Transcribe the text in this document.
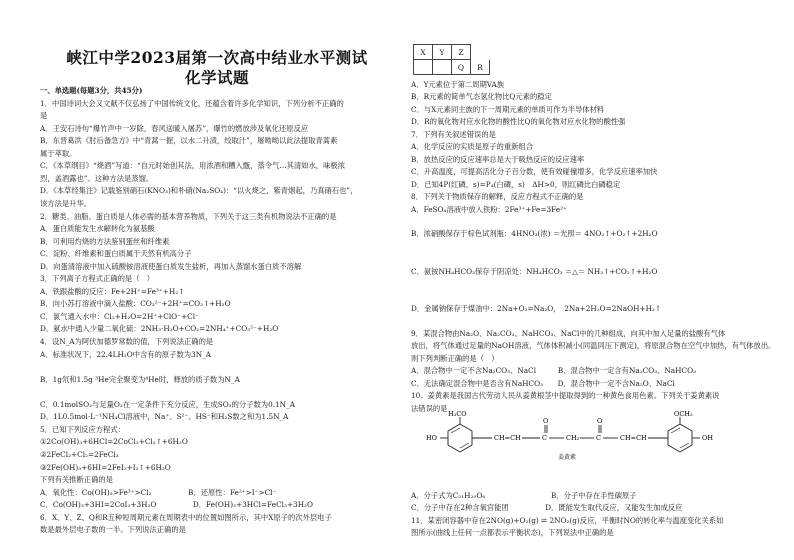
峡江中学2023届第一次高中结业水平测试
化学试题
一、单选题(每题3分，共45分)
1．中国诗词大会又文献不仅弘扬了中国传统文化，还蕴含着许多化学知识，下列分析不正确的
是
A．王安石诗句“爆竹声中一岁除，春风送暖入屠苏”，爆竹的燃放涉及氧化还原反应
B．东晋葛洪《肘后备急方》中“青蒿一握，以水二升渍，绞取汁”，屠呦呦以此法提取青蒿素
属于萃取。
C．《本草纲目》“烧酒”写道：“自元时始创其法，用浓酒和糟入甑，蒸令气…其清如水，味极浓
烈，盖酒露也”。这种方法是蒸馏。
D．《本草经集注》记载鉴别硝石(KNO₃)和朴硝(Na₂SO₄)：“以火烧之，紫青烟起，乃真硝石也”，
该方法是升华。
2．糖类、油脂、蛋白质是人体必需的基本营养物质，下列关于这三类有机物说法不正确的是
A．蛋白质能发生水解转化为氨基酸
B．可利用灼烧的方法鉴别蛋丝和纤维素
C．淀粉、纤维素和蛋白质属于天然有机高分子
D．向蛋清溶液中加入硫酸铵溶液使蛋白质发生盐析，再加入蒸馏水蛋白质不溶解
3．下列离子方程式正确的是（　）
A．铁跟盐酸的反应：Fe+2H⁺=Fe³⁺+H₂↑
B．向小苏打溶液中滴入盐酸：CO₃²⁻+2H⁺=CO₂↑+H₂O
C．氯气通入水中：Cl₂+H₂O=2H⁺+ClO⁻+Cl⁻
D．氨水中通入少量二氧化硫：2NH₃·H₂O+CO₂=2NH₄⁺+CO₃²⁻+H₂O
4．设N_A为阿伏加德罗常数的值，下列说法正确的是
A．标准状况下，22.4LH₂O中含有的原子数为3N_A
B．1g氘和1.5g ³He完全聚变为⁴He时，释放的质子数为N_A
C．0.1molSO₂与足量O₂在一定条件下充分反应，生成SO₃的分子数为0.1N_A
D．1L0.5mol·L⁻¹NH₄Cl溶液中，Na⁺、S²⁻、HS⁻和H₂S数之和为1.5N_A
5．已知下列反应方程式：
①2Co(OH)₃+6HCl=2CoCl₂+Cl₂↑+6H₂O
②2FeCl₂+Cl₂=2FeCl₃
③2Fe(OH)₃+6HI=2FeI₂+I₂↑+6H₂O
下列有关推断正确的是
A．氧化性：Co(OH)₃>Fe³⁺>Cl₂　　　　　B．还原性：Fe²⁺>I⁻>Cl⁻
C．Co(OH)₃+3HI=2CoI₂+3H₂O　　　　　D．Fe(OH)₃+3HCl=FeCl₃+3H₂O
6．X、Y、Z、Q和R五种短周期元素在周期表中的位置如图所示，其中X原子的次外层电子
数是最外层电子数的一半。下列说法正确的是
X	Y	Z	
		Q	R
A．Y元素位于第二周期VA族
B．R元素的简单气态氢化物比Q元素的稳定
C．与X元素同主族的下一周期元素的单质可作为半导体材料
D．R的氧化物对应水化物的酸性比Q的氧化物对应水化物的酸性强
7．下列有关叙述错误的是
A．化学反应的实质是原子的重新组合
B．放热反应的反应速率总是大于吸热反应的反应速率
C．升高温度，可提高活化分子百分数，使有效碰撞增多，化学反应速率加快
D．已知4P(红磷，s)=P₄(白磷，s)　ΔH>0，则红磷比白磷稳定
8．下列关于物质保存的解释，反应方程式不正确的是
A．FeSO₄溶液中放入铁粉：2Fe³⁺+Fe=3Fe²⁺
B．浓硝酸保存于棕色试剂瓶：4HNO₃(浓) ＝光照＝ 4NO₂↑+O₂↑+2H₂O
C．氨铵NH₄HCO₃保存于阴凉处：NH₄HCO₃ ＝△＝ NH₃↑+CO₂↑+H₂O
D．金属钠保存于煤油中：2Na+O₂=Na₂O，　2Na+2H₂O=2NaOH+H₂↑
9．某混合物由Na₂O、Na₂CO₃、NaHCO₃、NaCl中的几种组成，向其中加入足量的盐酸有气体
放出，将气体通过足量的NaOH溶液，气体体积减小(同温同压下测定)，将原混合物在空气中加热，有气体放出。
则下列判断正确的是（　）
A．混合物中一定不含Na₂CO₃、NaCl　　　B．混合物中一定含有Na₂CO₃、NaHCO₃
C．无法确定混合物中是否含有NaHCO₃　　D．混合物中一定不含Na₂O、NaCl
10．姜黄素是我国古代劳动人民从姜黄根茎中提取得到的一种黄色食用色素。下列关于姜黄素说
法错误的是
A．分子式为C₂₁H₂₀O₆　　　　　　　　　B．分子中存在手性碳原子
C．分子中存在2种含氧官能团　　　　　D．既能发生取代反应，又能发生加成反应
11．某密闭容器中存在2NO(g)+O₂(g) ⇌ 2NO₂(g)反应，平衡时NO的转化率与温度变化关系如
图所示(曲线上任何一点都表示平衡状态)，下列说法中正确的是
H₃CO
HO	CH=CH	C
O
CH₂	C
O
CH=CH
OCH₃
OH
姜黄素
